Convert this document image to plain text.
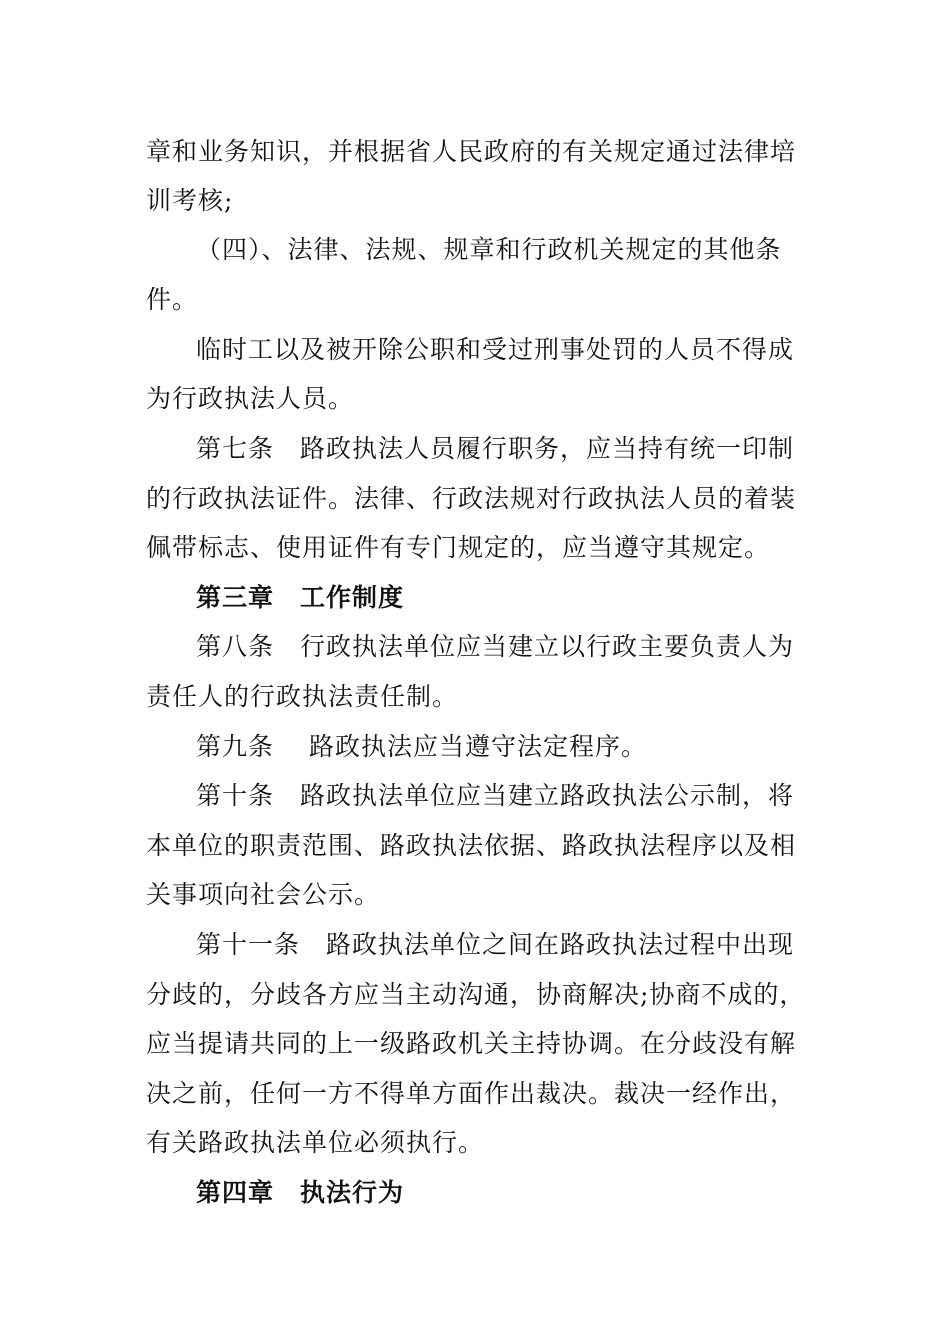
章和业务知识，并根据省人民政府的有关规定通过法律培
训考核;
（四）、法律、法规、规章和行政机关规定的其他条
件。
临时工以及被开除公职和受过刑事处罚的人员不得成
为行政执法人员。
第七条　路政执法人员履行职务，应当持有统一印制
的行政执法证件。法律、行政法规对行政执法人员的着装
佩带标志、使用证件有专门规定的，应当遵守其规定。
第三章　工作制度
第八条　行政执法单位应当建立以行政主要负责人为
责任人的行政执法责任制。
第九条　 路政执法应当遵守法定程序。
第十条　路政执法单位应当建立路政执法公示制，将
本单位的职责范围、路政执法依据、路政执法程序以及相
关事项向社会公示。
第十一条　路政执法单位之间在路政执法过程中出现
分歧的，分歧各方应当主动沟通，协商解决;协商不成的，
应当提请共同的上一级路政机关主持协调。在分歧没有解
决之前，任何一方不得单方面作出裁决。裁决一经作出，
有关路政执法单位必须执行。
第四章　执法行为
